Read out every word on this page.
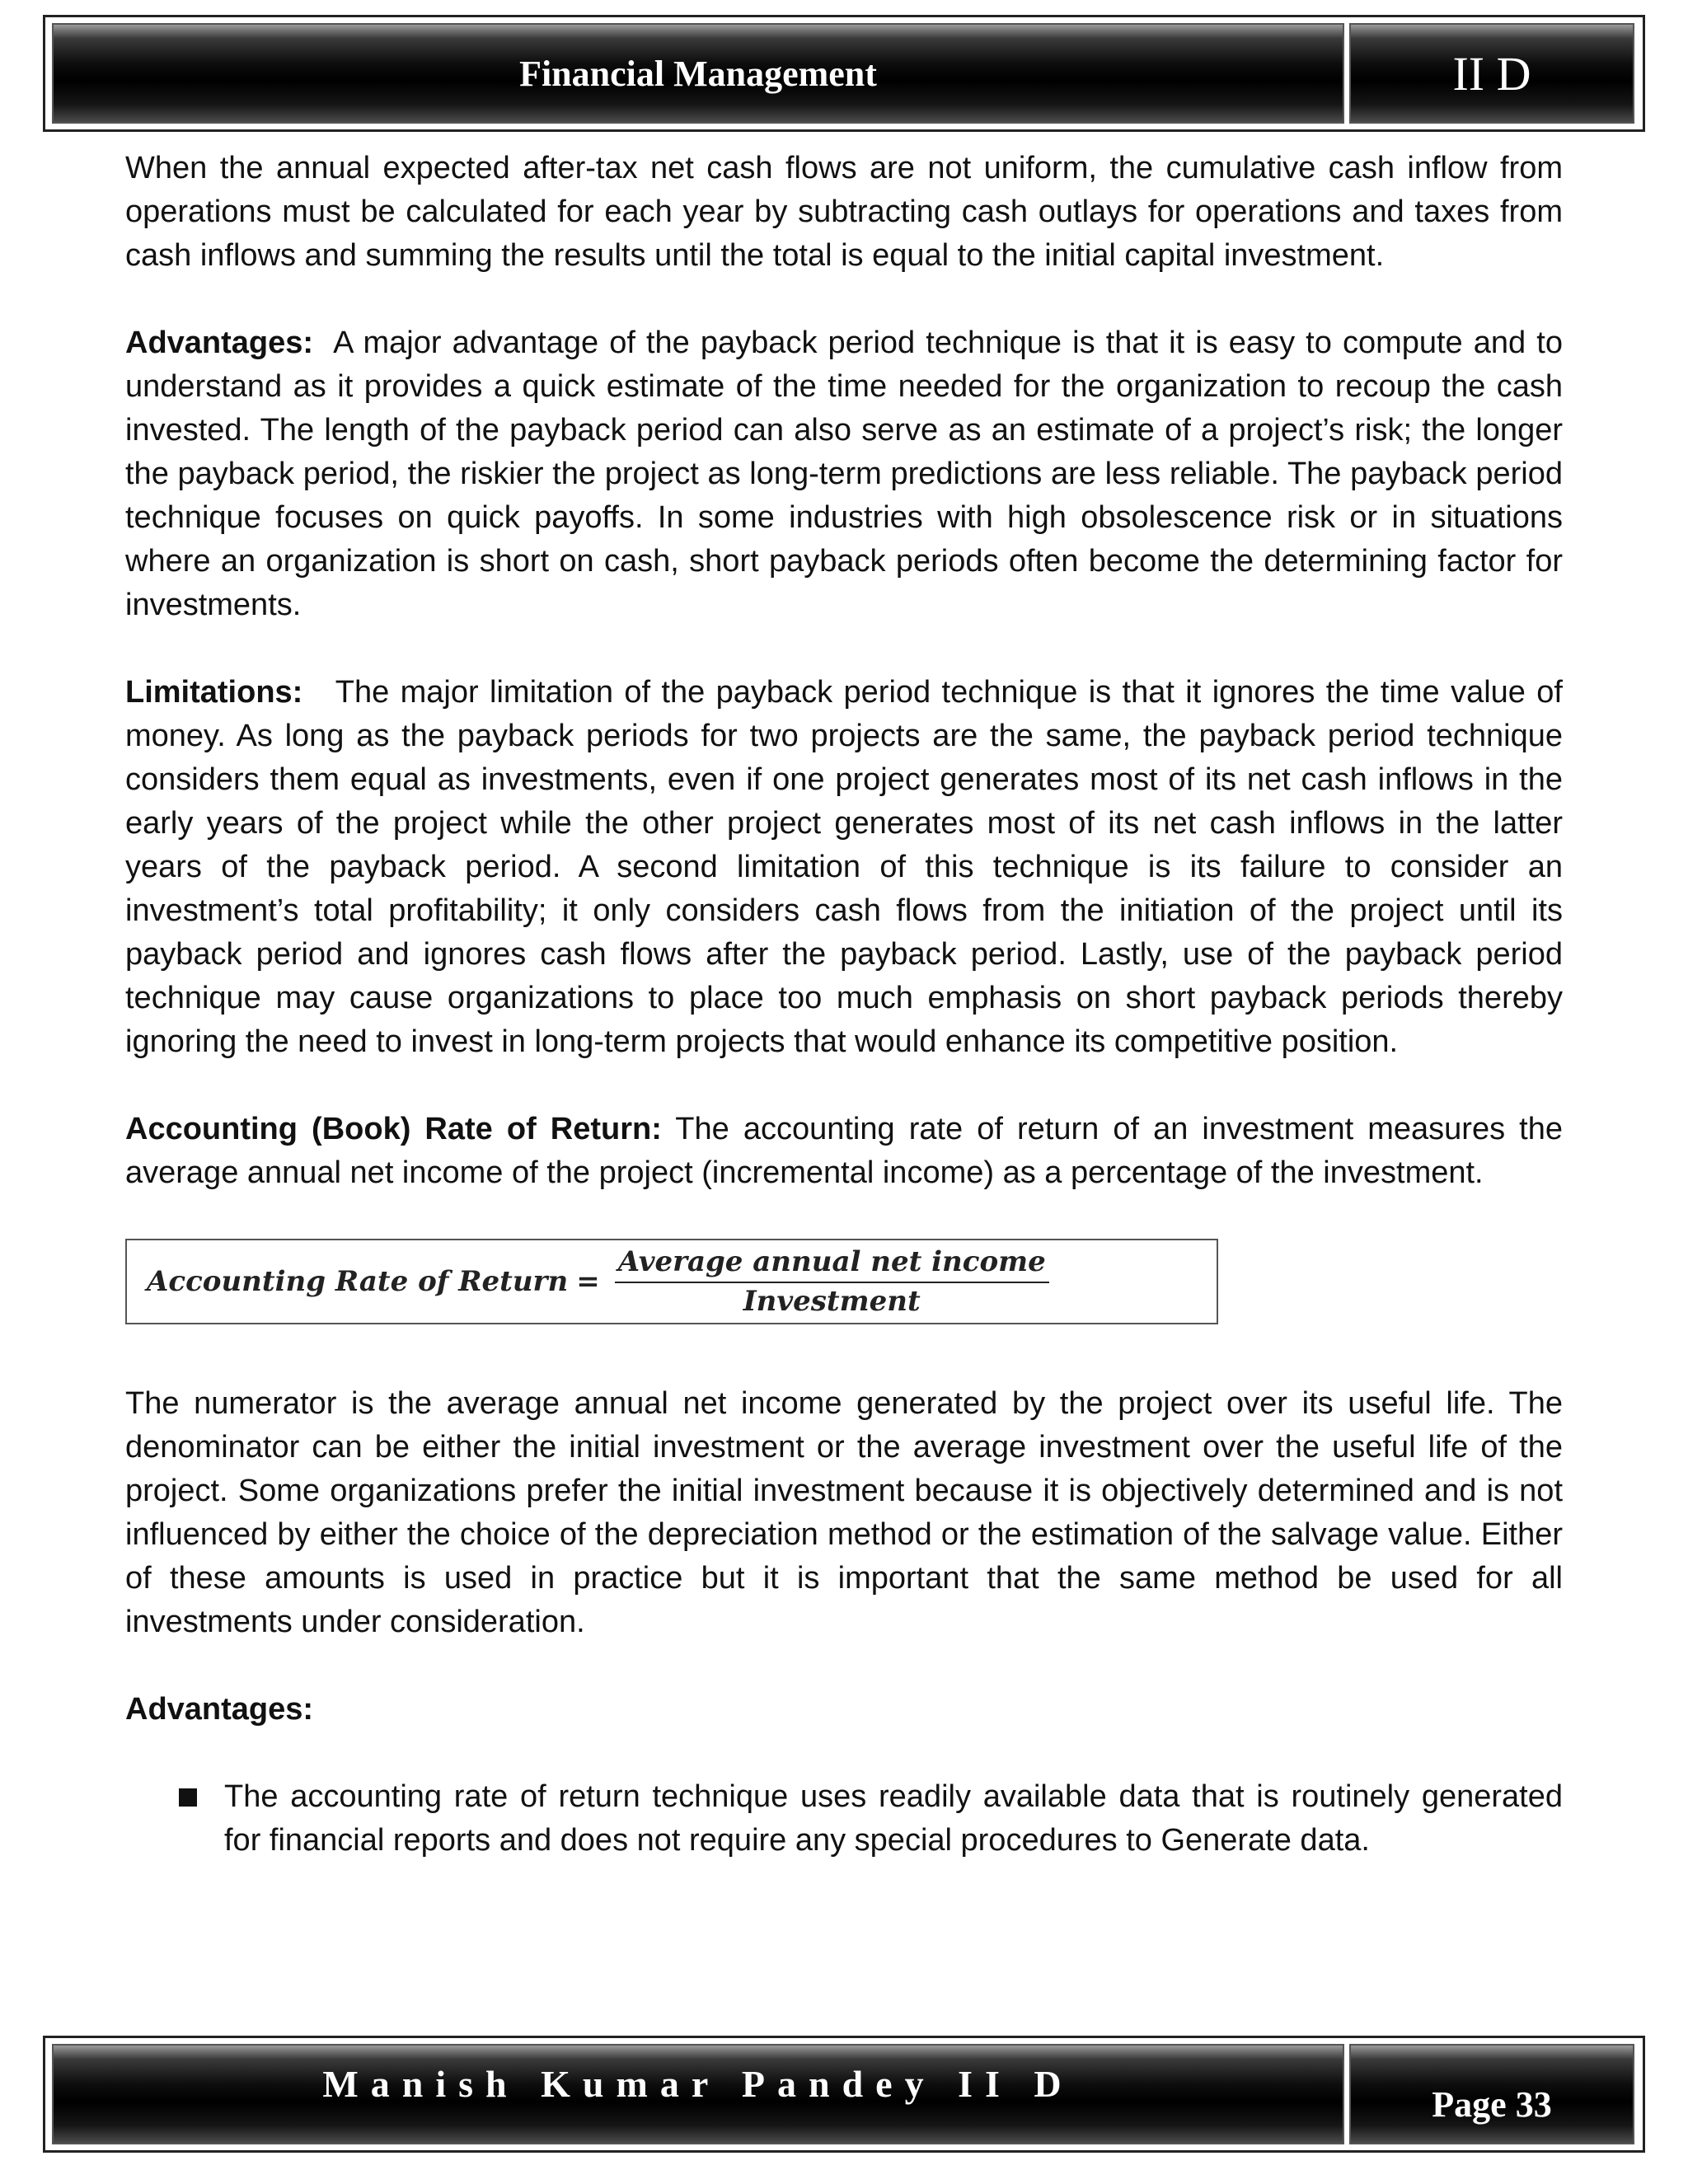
Financial Management	II D

When the annual expected after-tax net cash flows are not uniform, the cumulative cash inflow from operations must be calculated for each year by subtracting cash outlays for operations and taxes from cash inflows and summing the results until the total is equal to the initial capital investment.

Advantages: A major advantage of the payback period technique is that it is easy to compute and to understand as it provides a quick estimate of the time needed for the organization to recoup the cash invested. The length of the payback period can also serve as an estimate of a project’s risk; the longer the payback period, the riskier the project as long-term predictions are less reliable. The payback period technique focuses on quick payoffs. In some industries with high obsolescence risk or in situations where an organization is short on cash, short payback periods often become the determining factor for investments.

Limitations: The major limitation of the payback period technique is that it ignores the time value of money. As long as the payback periods for two projects are the same, the payback period technique considers them equal as investments, even if one project generates most of its net cash inflows in the early years of the project while the other project generates most of its net cash inflows in the latter years of the payback period. A second limitation of this technique is its failure to consider an investment’s total profitability; it only considers cash flows from the initiation of the project until its payback period and ignores cash flows after the payback period. Lastly, use of the payback period technique may cause organizations to place too much emphasis on short payback periods thereby ignoring the need to invest in long-term projects that would enhance its competitive position.

Accounting (Book) Rate of Return: The accounting rate of return of an investment measures the average annual net income of the project (incremental income) as a percentage of the investment.

Accounting Rate of Return = $\frac{\text{Average annual net income}}{\text{Investment}}$

The numerator is the average annual net income generated by the project over its useful life. The denominator can be either the initial investment or the average investment over the useful life of the project. Some organizations prefer the initial investment because it is objectively determined and is not influenced by either the choice of the depreciation method or the estimation of the salvage value. Either of these amounts is used in practice but it is important that the same method be used for all investments under consideration.

Advantages:

The accounting rate of return technique uses readily available data that is routinely generated for financial reports and does not require any special procedures to Generate data.
Manish Kumar Pandey II D	Page 33
